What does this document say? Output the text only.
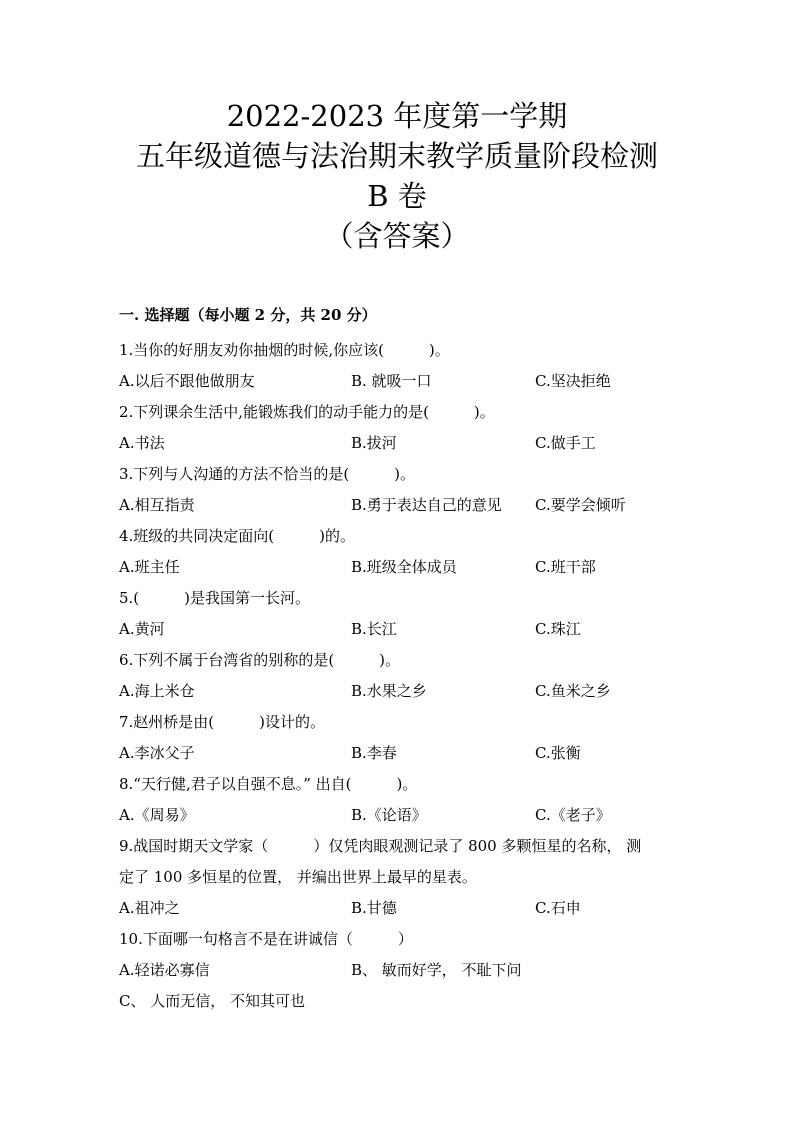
2022-2023 年度第一学期
五年级道德与法治期末教学质量阶段检测
B 卷
（含答案）
一. 选择题（每小题 2 分，共 20 分）
1.当你的好朋友劝你抽烟的时候,你应该(　　　)。
A.以后不跟他做朋友	B. 就吸一口	C.坚决拒绝
2.下列课余生活中,能锻炼我们的动手能力的是(　　　)。
A.书法	B.拔河	C.做手工
3.下列与人沟通的方法不恰当的是(　　　)。
A.相互指责	B.勇于表达自己的意见 C.要学会倾听
4.班级的共同决定面向(　　　)的。
A.班主任	B.班级全体成员	C.班干部
5.(　　　)是我国第一长河。
A.黄河	B.长江	C.珠江
6.下列不属于台湾省的别称的是(　　　)。
A.海上米仓	B.水果之乡	C.鱼米之乡
7.赵州桥是由(　　　)设计的。
A.李冰父子	B.李春	C.张衡
8.“天行健,君子以自强不息。” 出自(　　　)。
A.《周易》	B.《论语》	C.《老子》
9.战国时期天文学家（　　　）仅凭肉眼观测记录了 800 多颗恒星的名称， 测
定了 100 多恒星的位置， 并编出世界上最早的星表。
A.祖冲之	B.甘德	C.石申
10.下面哪一句格言不是在讲诚信（　　　）
A.轻诺必寡信	B、 敏而好学， 不耻下问
C、 人而无信， 不知其可也
